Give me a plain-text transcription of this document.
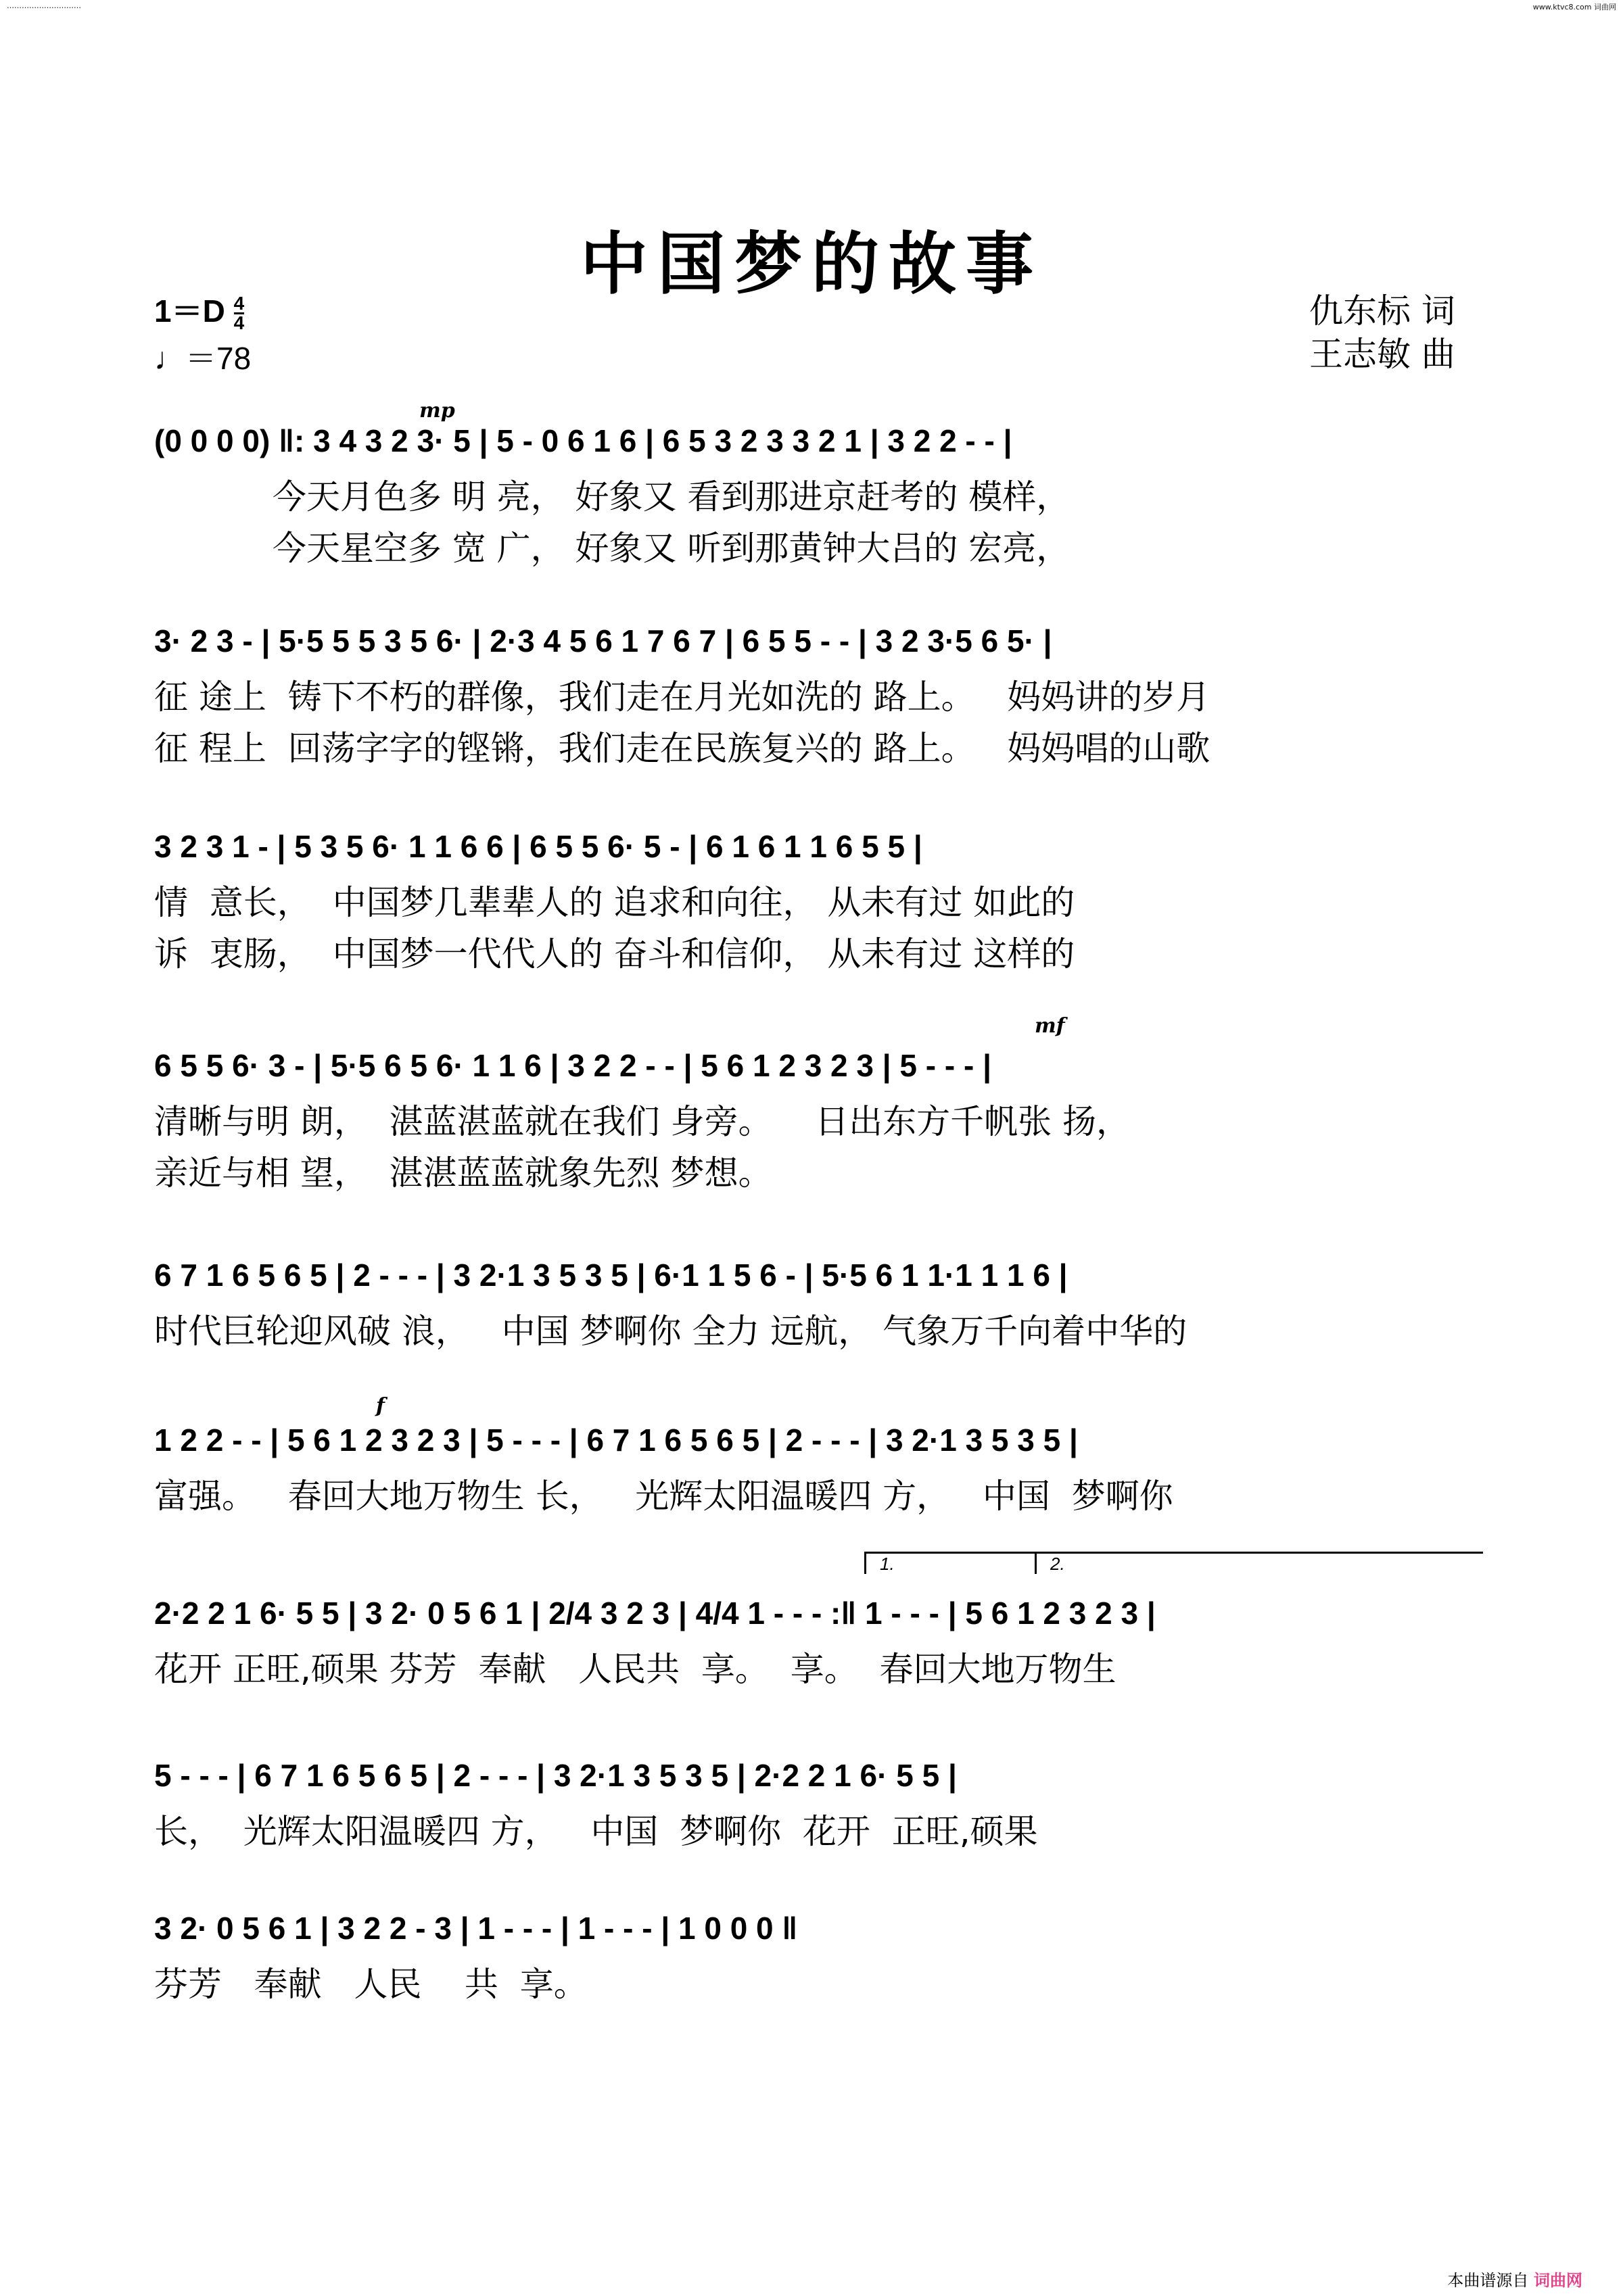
…………………………	www.ktvc8.com 词曲网
中国梦的故事
$1=D \frac{4}{4}$
♩＝78
仇东标 词
王志敏 曲
mp
mf
f
1.	2.
(0 0 0 0) ‖: 3 4 3 2 3· 5 | 5 - 0 6 1 6 | 6 5 3 2 3 3 2 1 | 3 2 2 - - |
今天月色多 明 亮， 好象又 看到那进京赶考的 模样，
今天星空多 宽 广， 好象又 听到那黄钟大吕的 宏亮，
3· 2 3 - | 5·5 5 5 3 5 6· | 2·3 4 5 6 1 7 6 7 | 6 5 5 - - | 3 2 3·5 6 5· |
征 途上  铸下不朽的群像，我们走在月光如洗的 路上。   妈妈讲的岁月
征 程上  回荡字字的铿锵，我们走在民族复兴的 路上。   妈妈唱的山歌
3 2 3 1 - | 5 3 5 6· 1 1 6 6 | 6 5 5 6· 5 - | 6 1 6 1 1 6 5 5 |
情  意长，  中国梦几辈辈人的 追求和向往， 从未有过 如此的
诉  衷肠，  中国梦一代代人的 奋斗和信仰， 从未有过 这样的
6 5 5 6· 3 - | 5·5 6 5 6· 1 1 6 | 3 2 2 - - | 5 6 1 2 3 2 3 | 5 - - - |
清晰与明 朗，  湛蓝湛蓝就在我们 身旁。    日出东方千帆张 扬，
亲近与相 望，  湛湛蓝蓝就象先烈 梦想。
6 7 1 6 5 6 5 | 2 - - - | 3 2·1 3 5 3 5 | 6·1 1 5 6 - | 5·5 6 1 1·1 1 1 6 |
时代巨轮迎风破 浪，   中国 梦啊你 全力 远航， 气象万千向着中华的
1 2 2 - - | 5 6 1 2 3 2 3 | 5 - - - | 6 7 1 6 5 6 5 | 2 - - - | 3 2·1 3 5 3 5 |
富强。   春回大地万物生 长，   光辉太阳温暖四 方，   中国  梦啊你
2·2 2 1 6· 5 5 | 3 2· 0 5 6 1 | 2/4 3 2 3 | 4/4 1 - - - :‖ 1 - - - | 5 6 1 2 3 2 3 |
花开 正旺,硕果 芬芳  奉献   人民共  享。  享。  春回大地万物生
5 - - - | 6 7 1 6 5 6 5 | 2 - - - | 3 2·1 3 5 3 5 | 2·2 2 1 6· 5 5 |
长，  光辉太阳温暖四 方，   中国  梦啊你  花开  正旺,硕果
3 2· 0 5 6 1 | 3 2 2 - 3 | 1 - - - | 1 - - - | 1 0 0 0 ‖
芬芳   奉献   人民    共  享。
本曲谱源自 词曲网
